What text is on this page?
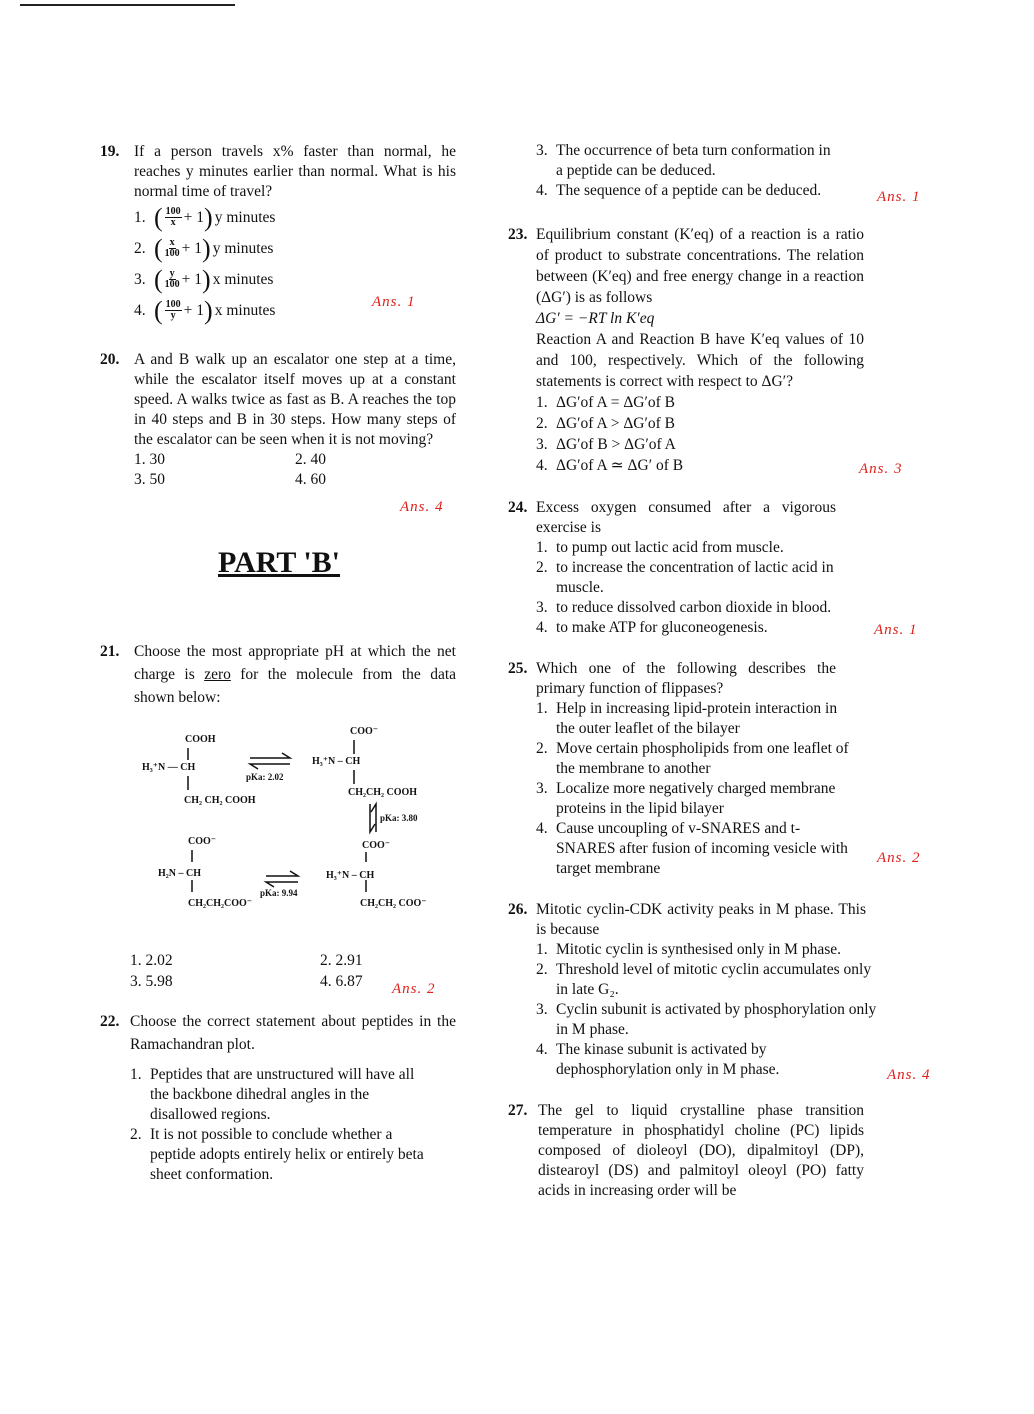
19. If a person travels x% faster than normal, he reaches y minutes earlier than normal. What is his normal time of travel?
1. ( $\frac{100}{x} + 1$ ) y minutes
2. ( $\frac{x}{100} + 1$ ) y minutes
3. ( $\frac{y}{100} + 1$ ) x minutes
4. ( $\frac{100}{y} + 1$ ) x minutes	Ans. 1
20. A and B walk up an escalator one step at a time, while the escalator itself moves up at a constant speed. A walks twice as fast as B. A reaches the top in 40 steps and B in 30 steps. How many steps of the escalator can be seen when it is not moving?
1. 30	2. 40
3. 50	4. 60
Ans. 4
PART 'B'
21. Choose the most appropriate pH at which the net charge is zero for the molecule from the data shown below:
COOH
H₃⁺N — CH
CH₂ CH₂ COOH
pKa: 2.02
COO⁻
H₃⁺N – CH
CH₂CH₂ COOH
pKa: 3.80
COO⁻
H₃⁺N – CH
CH₂CH₂ COO⁻
COO⁻
H₂N – CH
CH₂CH₂COO⁻
pKa: 9.94
1. 2.02	2. 2.91
3. 5.98	4. 6.87 Ans. 2
22. Choose the correct statement about peptides in the Ramachandran plot.
1. Peptides that are unstructured will have all the backbone dihedral angles in the disallowed regions.
2. It is not possible to conclude whether a peptide adopts entirely helix or entirely beta sheet conformation.
3. The occurrence of beta turn conformation in a peptide can be deduced.
4. The sequence of a peptide can be deduced.	Ans. 1
23. Equilibrium constant (K′eq) of a reaction is a ratio of product to substrate concentrations. The relation between (K′eq) and free energy change in a reaction (ΔG′) is as follows
ΔG′ = −RT ln K′eq
Reaction A and Reaction B have K′eq values of 10 and 100, respectively. Which of the following statements is correct with respect to ΔG′?
1. ΔG′of A = ΔG′of B
2. ΔG′of A > ΔG′of B
3. ΔG′of B > ΔG′of A
4. ΔG′of A ≃ ΔG′ of B	Ans. 3
24. Excess oxygen consumed after a vigorous exercise is
1. to pump out lactic acid from muscle.
2. to increase the concentration of lactic acid in muscle.
3. to reduce dissolved carbon dioxide in blood.
4. to make ATP for gluconeogenesis.	Ans. 1
25. Which one of the following describes the primary function of flippases?
1. Help in increasing lipid-protein interaction in the outer leaflet of the bilayer
2. Move certain phospholipids from one leaflet of the membrane to another
3. Localize more negatively charged membrane proteins in the lipid bilayer
4. Cause uncoupling of v-SNARES and t-SNARES after fusion of incoming vesicle with target membrane
Ans. 2
26. Mitotic cyclin-CDK activity peaks in M phase. This is because
1. Mitotic cyclin is synthesised only in M phase.
2. Threshold level of mitotic cyclin accumulates only in late G₂.
3. Cyclin subunit is activated by phosphorylation only in M phase.
4. The kinase subunit is activated by dephosphorylation only in M phase.	Ans. 4
27. The gel to liquid crystalline phase transition temperature in phosphatidyl choline (PC) lipids composed of dioleoyl (DO), dipalmitoyl (DP), distearoyl (DS) and palmitoyl oleoyl (PO) fatty acids in increasing order will be
